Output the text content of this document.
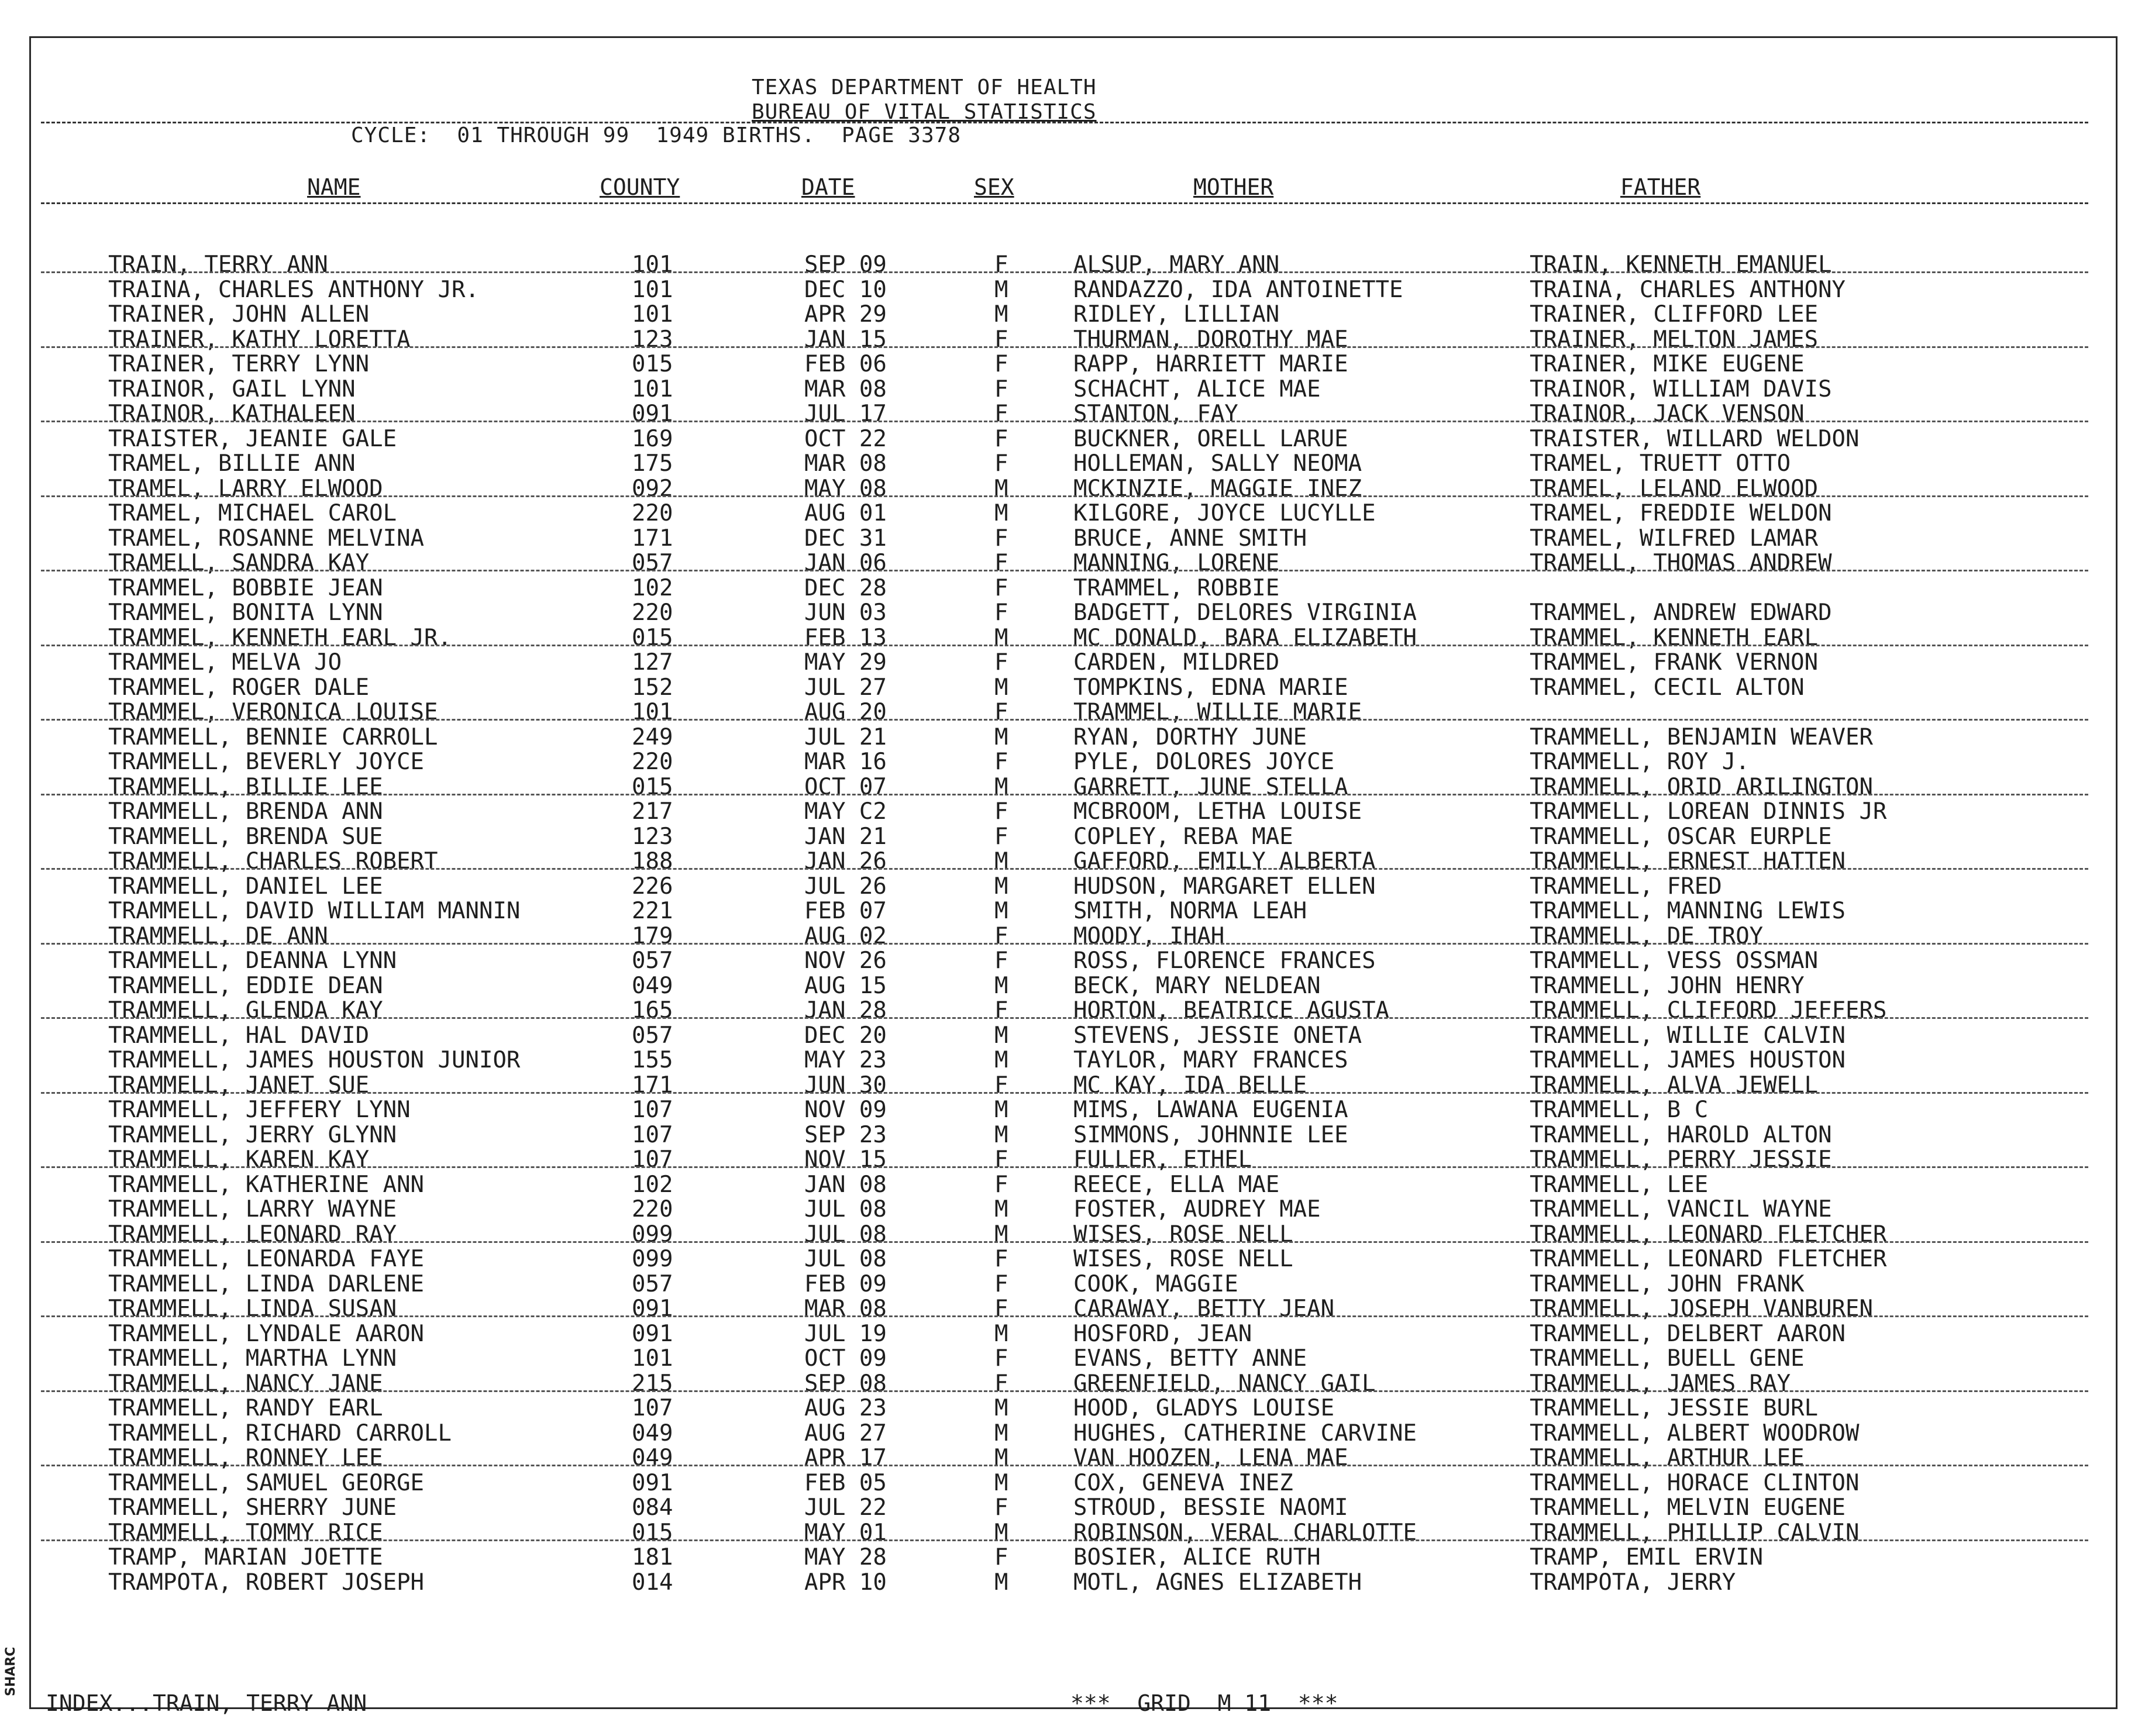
TEXAS DEPARTMENT OF HEALTH
BUREAU OF VITAL STATISTICS
CYCLE:  01 THROUGH 99  1949 BIRTHS.  PAGE 3378
NAME	COUNTY	DATE	SEX	MOTHER	FATHER
TRAIN, TERRY ANN	101	SEP 09	F	ALSUP, MARY ANN	TRAIN, KENNETH EMANUEL
TRAINA, CHARLES ANTHONY JR.	101	DEC 10	M	RANDAZZO, IDA ANTOINETTE	TRAINA, CHARLES ANTHONY
TRAINER, JOHN ALLEN	101	APR 29	M	RIDLEY, LILLIAN	TRAINER, CLIFFORD LEE
TRAINER, KATHY LORETTA	123	JAN 15	F	THURMAN, DOROTHY MAE	TRAINER, MELTON JAMES
TRAINER, TERRY LYNN	015	FEB 06	F	RAPP, HARRIETT MARIE	TRAINER, MIKE EUGENE
TRAINOR, GAIL LYNN	101	MAR 08	F	SCHACHT, ALICE MAE	TRAINOR, WILLIAM DAVIS
TRAINOR, KATHALEEN	091	JUL 17	F	STANTON, FAY	TRAINOR, JACK VENSON
TRAISTER, JEANIE GALE	169	OCT 22	F	BUCKNER, ORELL LARUE	TRAISTER, WILLARD WELDON
TRAMEL, BILLIE ANN	175	MAR 08	F	HOLLEMAN, SALLY NEOMA	TRAMEL, TRUETT OTTO
TRAMEL, LARRY ELWOOD	092	MAY 08	M	MCKINZIE, MAGGIE INEZ	TRAMEL, LELAND ELWOOD
TRAMEL, MICHAEL CAROL	220	AUG 01	M	KILGORE, JOYCE LUCYLLE	TRAMEL, FREDDIE WELDON
TRAMEL, ROSANNE MELVINA	171	DEC 31	F	BRUCE, ANNE SMITH	TRAMEL, WILFRED LAMAR
TRAMELL, SANDRA KAY	057	JAN 06	F	MANNING, LORENE	TRAMELL, THOMAS ANDREW
TRAMMEL, BOBBIE JEAN	102	DEC 28	F	TRAMMEL, ROBBIE
TRAMMEL, BONITA LYNN	220	JUN 03	F	BADGETT, DELORES VIRGINIA	TRAMMEL, ANDREW EDWARD
TRAMMEL, KENNETH EARL JR.	015	FEB 13	M	MC DONALD, BARA ELIZABETH	TRAMMEL, KENNETH EARL
TRAMMEL, MELVA JO	127	MAY 29	F	CARDEN, MILDRED	TRAMMEL, FRANK VERNON
TRAMMEL, ROGER DALE	152	JUL 27	M	TOMPKINS, EDNA MARIE	TRAMMEL, CECIL ALTON
TRAMMEL, VERONICA LOUISE	101	AUG 20	F	TRAMMEL, WILLIE MARIE
TRAMMELL, BENNIE CARROLL	249	JUL 21	M	RYAN, DORTHY JUNE	TRAMMELL, BENJAMIN WEAVER
TRAMMELL, BEVERLY JOYCE	220	MAR 16	F	PYLE, DOLORES JOYCE	TRAMMELL, ROY J.
TRAMMELL, BILLIE LEE	015	OCT 07	M	GARRETT, JUNE STELLA	TRAMMELL, ORID ARILINGTON
TRAMMELL, BRENDA ANN	217	MAY C2	F	MCBROOM, LETHA LOUISE	TRAMMELL, LOREAN DINNIS JR
TRAMMELL, BRENDA SUE	123	JAN 21	F	COPLEY, REBA MAE	TRAMMELL, OSCAR EURPLE
TRAMMELL, CHARLES ROBERT	188	JAN 26	M	GAFFORD, EMILY ALBERTA	TRAMMELL, ERNEST HATTEN
TRAMMELL, DANIEL LEE	226	JUL 26	M	HUDSON, MARGARET ELLEN	TRAMMELL, FRED
TRAMMELL, DAVID WILLIAM MANNIN	221	FEB 07	M	SMITH, NORMA LEAH	TRAMMELL, MANNING LEWIS
TRAMMELL, DE ANN	179	AUG 02	F	MOODY, IHAH	TRAMMELL, DE TROY
TRAMMELL, DEANNA LYNN	057	NOV 26	F	ROSS, FLORENCE FRANCES	TRAMMELL, VESS OSSMAN
TRAMMELL, EDDIE DEAN	049	AUG 15	M	BECK, MARY NELDEAN	TRAMMELL, JOHN HENRY
TRAMMELL, GLENDA KAY	165	JAN 28	F	HORTON, BEATRICE AGUSTA	TRAMMELL, CLIFFORD JEFFERS
TRAMMELL, HAL DAVID	057	DEC 20	M	STEVENS, JESSIE ONETA	TRAMMELL, WILLIE CALVIN
TRAMMELL, JAMES HOUSTON JUNIOR	155	MAY 23	M	TAYLOR, MARY FRANCES	TRAMMELL, JAMES HOUSTON
TRAMMELL, JANET SUE	171	JUN 30	F	MC KAY, IDA BELLE	TRAMMELL, ALVA JEWELL
TRAMMELL, JEFFERY LYNN	107	NOV 09	M	MIMS, LAWANA EUGENIA	TRAMMELL, B C
TRAMMELL, JERRY GLYNN	107	SEP 23	M	SIMMONS, JOHNNIE LEE	TRAMMELL, HAROLD ALTON
TRAMMELL, KAREN KAY	107	NOV 15	F	FULLER, ETHEL	TRAMMELL, PERRY JESSIE
TRAMMELL, KATHERINE ANN	102	JAN 08	F	REECE, ELLA MAE	TRAMMELL, LEE
TRAMMELL, LARRY WAYNE	220	JUL 08	M	FOSTER, AUDREY MAE	TRAMMELL, VANCIL WAYNE
TRAMMELL, LEONARD RAY	099	JUL 08	M	WISES, ROSE NELL	TRAMMELL, LEONARD FLETCHER
TRAMMELL, LEONARDA FAYE	099	JUL 08	F	WISES, ROSE NELL	TRAMMELL, LEONARD FLETCHER
TRAMMELL, LINDA DARLENE	057	FEB 09	F	COOK, MAGGIE	TRAMMELL, JOHN FRANK
TRAMMELL, LINDA SUSAN	091	MAR 08	F	CARAWAY, BETTY JEAN	TRAMMELL, JOSEPH VANBUREN
TRAMMELL, LYNDALE AARON	091	JUL 19	M	HOSFORD, JEAN	TRAMMELL, DELBERT AARON
TRAMMELL, MARTHA LYNN	101	OCT 09	F	EVANS, BETTY ANNE	TRAMMELL, BUELL GENE
TRAMMELL, NANCY JANE	215	SEP 08	F	GREENFIELD, NANCY GAIL	TRAMMELL, JAMES RAY
TRAMMELL, RANDY EARL	107	AUG 23	M	HOOD, GLADYS LOUISE	TRAMMELL, JESSIE BURL
TRAMMELL, RICHARD CARROLL	049	AUG 27	M	HUGHES, CATHERINE CARVINE	TRAMMELL, ALBERT WOODROW
TRAMMELL, RONNEY LEE	049	APR 17	M	VAN HOOZEN, LENA MAE	TRAMMELL, ARTHUR LEE
TRAMMELL, SAMUEL GEORGE	091	FEB 05	M	COX, GENEVA INEZ	TRAMMELL, HORACE CLINTON
TRAMMELL, SHERRY JUNE	084	JUL 22	F	STROUD, BESSIE NAOMI	TRAMMELL, MELVIN EUGENE
TRAMMELL, TOMMY RICE	015	MAY 01	M	ROBINSON, VERAL CHARLOTTE	TRAMMELL, PHILLIP CALVIN
TRAMP, MARIAN JOETTE	181	MAY 28	F	BOSIER, ALICE RUTH	TRAMP, EMIL ERVIN
TRAMPOTA, ROBERT JOSEPH	014	APR 10	M	MOTL, AGNES ELIZABETH	TRAMPOTA, JERRY
INDEX...TRAIN, TERRY ANN	***  GRID  M 11  ***
SHARC
